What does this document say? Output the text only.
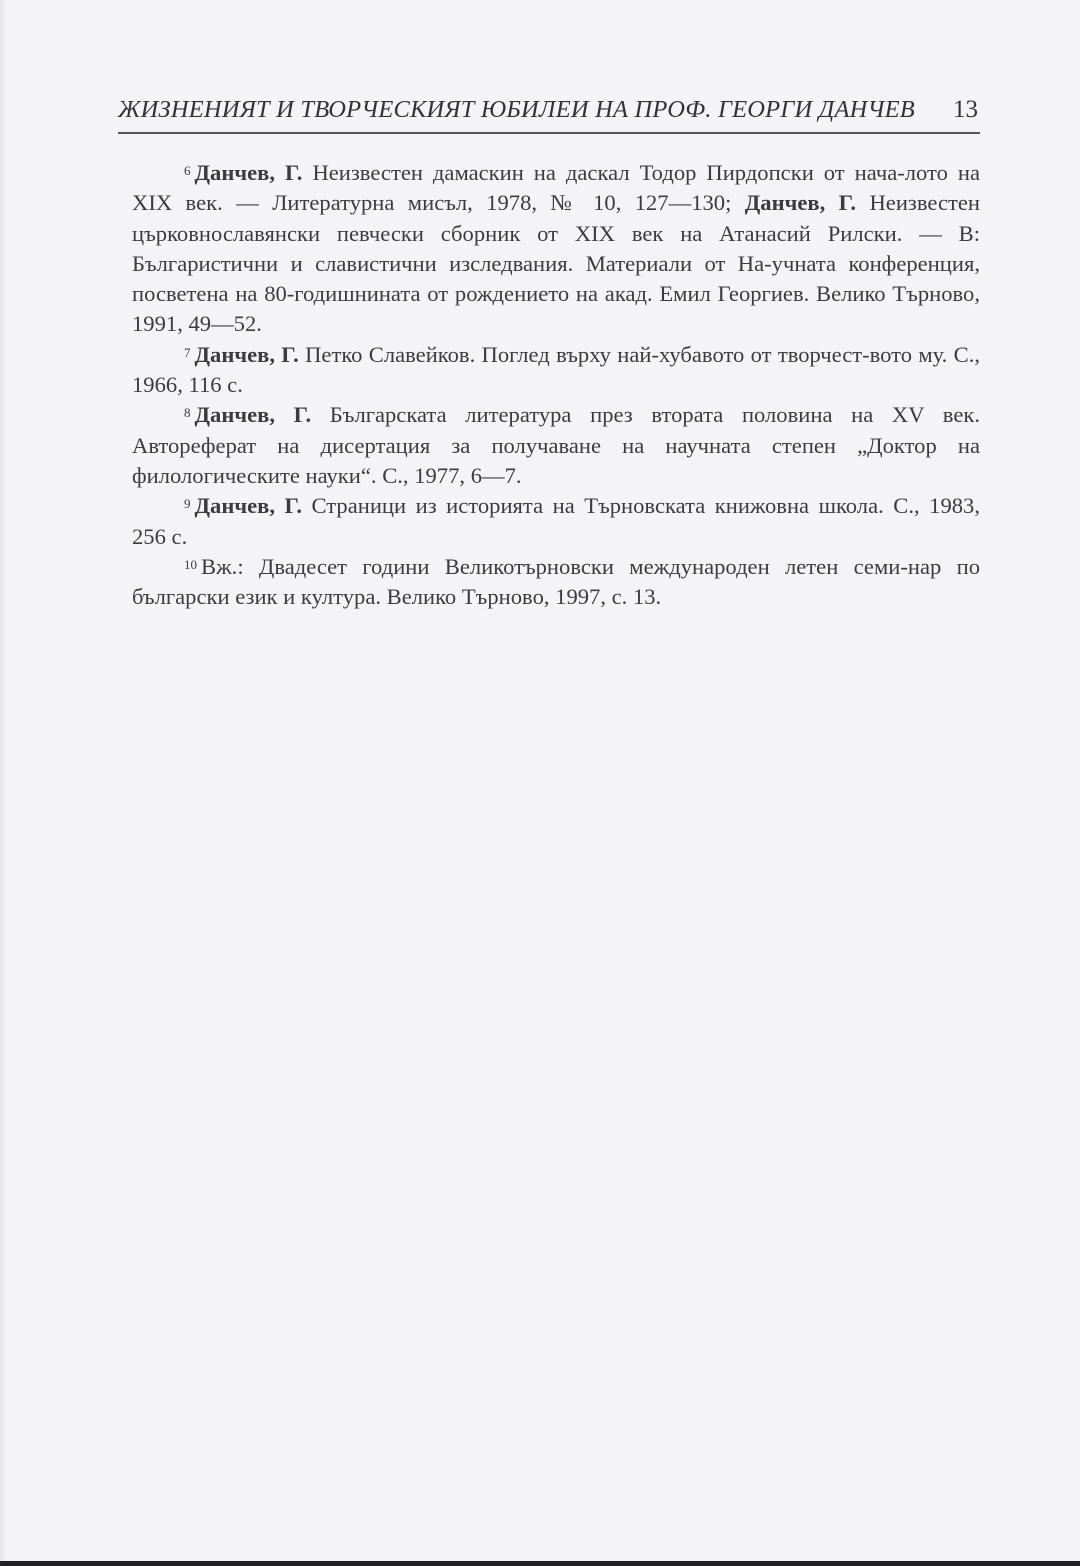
ЖИЗНЕНИЯТ И ТВОРЧЕСКИЯТ ЮБИЛЕИ НА ПРОФ. ГЕОРГИ ДАНЧЕВ 13

$^6$ Данчев, Г. Неизвестен дамаскин на даскал Тодор Пирдопски от нача-лото на XIX век. — Литературна мисъл, 1978, № 10, 127—130; Данчев, Г. Неизвестен църковнославянски певчески сборник от XIX век на Атанасий Рилски. — В: Българистични и славистични изследвания. Материали от На-учната конференция, посветена на 80-годишнината от рождението на акад. Емил Георгиев. Велико Търново, 1991, 49—52.

$^7$ Данчев, Г. Петко Славейков. Поглед върху най-хубавото от творчест-вото му. С., 1966, 116 с.

$^8$ Данчев, Г. Българската литература през втората половина на XV век. Автореферат на дисертация за получаване на научната степен „Доктор на филологическите науки“. С., 1977, 6—7.

$^9$ Данчев, Г. Страници из историята на Търновската книжовна школа. С., 1983, 256 с.

$^{10}$ Вж.: Двадесет години Великотърновски международен летен семи-нар по български език и култура. Велико Търново, 1997, с. 13.
